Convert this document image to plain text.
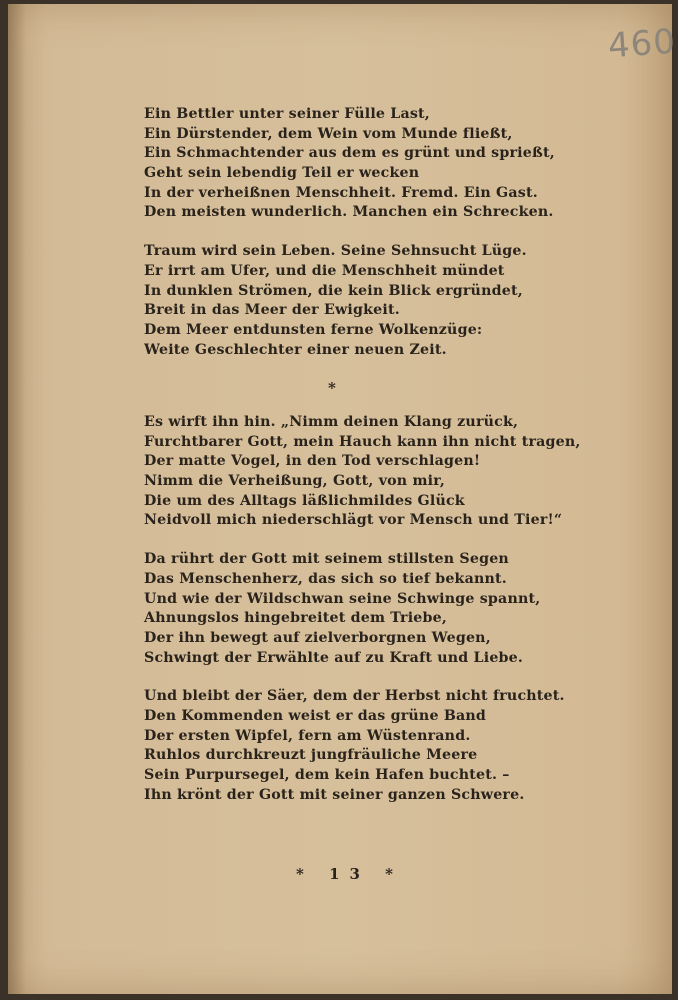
460
Ein Bettler unter seiner Fülle Last,
Ein Dürstender, dem Wein vom Munde fließt,
Ein Schmachtender aus dem es grünt und sprießt,
Geht sein lebendig Teil er wecken
In der verheißnen Menschheit. Fremd. Ein Gast.
Den meisten wunderlich. Manchen ein Schrecken.
Traum wird sein Leben. Seine Sehnsucht Lüge.
Er irrt am Ufer, und die Menschheit mündet
In dunklen Strömen, die kein Blick ergründet,
Breit in das Meer der Ewigkeit.
Dem Meer entdunsten ferne Wolkenzüge:
Weite Geschlechter einer neuen Zeit.
*
Es wirft ihn hin. „Nimm deinen Klang zurück,
Furchtbarer Gott, mein Hauch kann ihn nicht tragen,
Der matte Vogel, in den Tod verschlagen!
Nimm die Verheißung, Gott, von mir,
Die um des Alltags läßlichmildes Glück
Neidvoll mich niederschlägt vor Mensch und Tier!“
Da rührt der Gott mit seinem stillsten Segen
Das Menschenherz, das sich so tief bekannt.
Und wie der Wildschwan seine Schwinge spannt,
Ahnungslos hingebreitet dem Triebe,
Der ihn bewegt auf zielverborgnen Wegen,
Schwingt der Erwählte auf zu Kraft und Liebe.
Und bleibt der Säer, dem der Herbst nicht fruchtet.
Den Kommenden weist er das grüne Band
Der ersten Wipfel, fern am Wüstenrand.
Ruhlos durchkreuzt jungfräuliche Meere
Sein Purpursegel, dem kein Hafen buchtet. –
Ihn krönt der Gott mit seiner ganzen Schwere.
* 13 *
